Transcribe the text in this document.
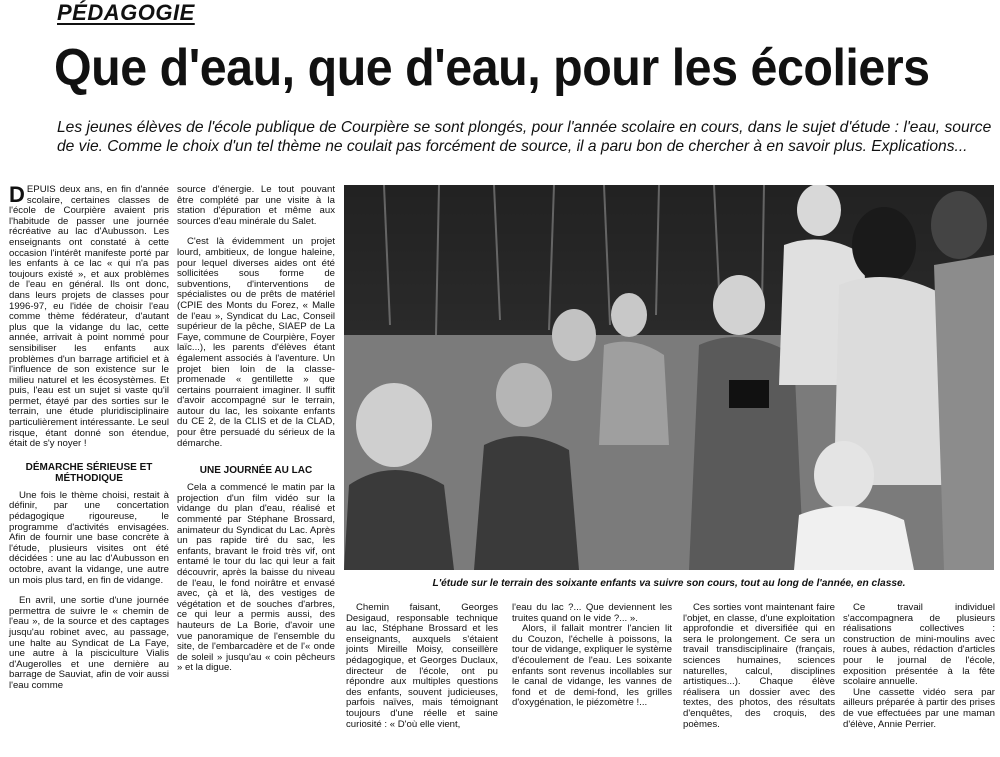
PÉDAGOGIE
Que d'eau, que d'eau, pour les écoliers

Les jeunes élèves de l'école publique de Courpière se sont plongés, pour l'année scolaire en cours, dans le sujet d'étude : l'eau, source de vie. Comme le choix d'un tel thème ne coulait pas forcément de source, il a paru bon de chercher à en savoir plus. Explications...

DEPUIS deux ans, en fin d'année scolaire, certaines classes de l'école de Courpière avaient pris l'habitude de passer une journée récréative au lac d'Aubusson. Les enseignants ont constaté à cette occasion l'intérêt manifeste porté par les enfants à ce lac « qui n'a pas toujours existé », et aux problèmes de l'eau en général. Ils ont donc, dans leurs projets de classes pour 1996-97, eu l'idée de choisir l'eau comme thème fédérateur, d'autant plus que la vidange du lac, cette année, arrivait à point nommé pour sensibiliser les enfants aux problèmes d'un barrage artificiel et à l'influence de son existence sur le milieu naturel et les écosystèmes. Et puis, l'eau est un sujet si vaste qu'il permet, étayé par des sorties sur le terrain, une étude pluridisciplinaire particulièrement intéressante. Le seul risque, étant donné son étendue, était de s'y noyer !

DÉMARCHE SÉRIEUSE ET MÉTHODIQUE

Une fois le thème choisi, restait à définir, par une concertation pédagogique rigoureuse, le programme d'activités envisagées. Afin de fournir une base concrète à l'étude, plusieurs visites ont été décidées : une au lac d'Aubusson en octobre, avant la vidange, une autre un mois plus tard, en fin de vidange.

En avril, une sortie d'une journée permettra de suivre le « chemin de l'eau », de la source et des captages jusqu'au robinet avec, au passage, une halte au Syndicat de La Faye, une autre à la pisciculture Vialis d'Augerolles et une dernière au barrage de Sauviat, afin de voir aussi l'eau comme

source d'énergie. Le tout pouvant être complété par une visite à la station d'épuration et même aux sources d'eau minérale du Salet.

C'est là évidemment un projet lourd, ambitieux, de longue haleine, pour lequel diverses aides ont été sollicitées sous forme de subventions, d'interventions de spécialistes ou de prêts de matériel (CPIE des Monts du Forez, « Malle de l'eau », Syndicat du Lac, Conseil supérieur de la pêche, SIAEP de La Faye, commune de Courpière, Foyer laïc...), les parents d'élèves étant également associés à l'aventure. Un projet bien loin de la classe-promenade « gentillette » que certains pourraient imaginer. Il suffit d'avoir accompagné sur le terrain, autour du lac, les soixante enfants du CE 2, de la CLIS et de la CLAD, pour être persuadé du sérieux de la démarche.

UNE JOURNÉE AU LAC

Cela a commencé le matin par la projection d'un film vidéo sur la vidange du plan d'eau, réalisé et commenté par Stéphane Brossard, animateur du Syndicat du Lac. Après un pas rapide tiré du sac, les enfants, bravant le froid très vif, ont entamé le tour du lac qui leur a fait découvrir, après la baisse du niveau de l'eau, le fond noirâtre et envasé avec, çà et là, des vestiges de végétation et de souches d'arbres, ce qui leur a permis aussi, des hauteurs de La Borie, d'avoir une vue panoramique de l'ensemble du site, de l'embarcadère et de l'« onde de soleil » jusqu'au « coin pêcheurs » et la digue.

L'étude sur le terrain des soixante enfants va suivre son cours, tout au long de l'année, en classe.

Chemin faisant, Georges Desigaud, responsable technique au lac, Stéphane Brossard et les enseignants, auxquels s'étaient joints Mireille Moisy, conseillère pédagogique, et Georges Duclaux, directeur de l'école, ont pu répondre aux multiples questions des enfants, souvent judicieuses, parfois naïves, mais témoignant toujours d'une réelle et saine curiosité : « D'où elle vient,

l'eau du lac ?... Que deviennent les truites quand on le vide ?... ».

Alors, il fallait montrer l'ancien lit du Couzon, l'échelle à poissons, la tour de vidange, expliquer le système d'écoulement de l'eau. Les soixante enfants sont revenus incollables sur le canal de vidange, les vannes de fond et de demi-fond, les grilles d'oxygénation, le piézomètre !...

Ces sorties vont maintenant faire l'objet, en classe, d'une exploitation approfondie et diversifiée qui en sera le prolongement. Ce sera un travail transdisciplinaire (français, sciences humaines, sciences naturelles, calcul, disciplines artistiques...). Chaque élève réalisera un dossier avec des textes, des photos, des résultats d'enquêtes, des croquis, des poèmes.

Ce travail individuel s'accompagnera de plusieurs réalisations collectives : construction de mini-moulins avec roues à aubes, rédaction d'articles pour le journal de l'école, exposition présentée à la fête scolaire annuelle.

Une cassette vidéo sera par ailleurs préparée à partir des prises de vue effectuées par une maman d'élève, Annie Perrier.
